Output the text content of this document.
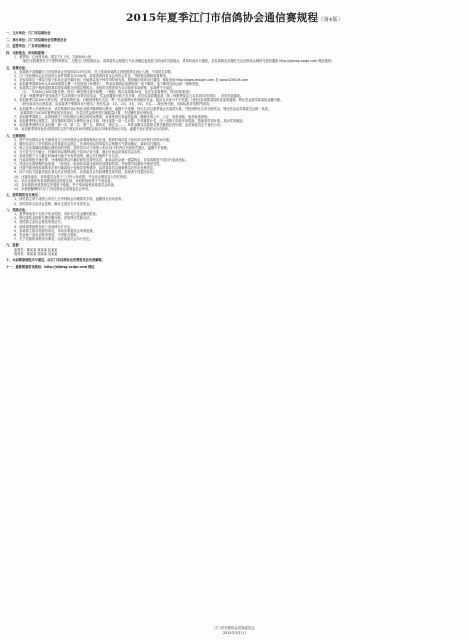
2015年夏季江门市信鸽协会通信赛规程（第4版）

一、主办单位：江门市信鸽协会

二、承办单位：江门市信鸽协会竞赛委员会

三、监管单位：广东省信鸽协会

四、司放地点、时间和距离：

1、夏季赛：江西省永新，暂定7月上旬，空距400公里

（如因飞鸽遇恶劣天气等特殊情况，上报江门市信鸽协会，竞赛委员会根据天气状况确定更改放飞时间或司放地点，具体时间另行通知，各参赛鸽友应随时关注信鸽协会网站与短信通知 http://jdjmsg.xxige.com 网站通知）

五、参赛办法：

1、参赛鸽子须佩戴江门市信鸽协会发放的2015年足环，在上笼前参赛鸽主须按照规定登记入册，不得冒名顶替。

2、江门市信鸽协会会员及符合条件的鸽友均可参赛，参赛者须持有本会有效会员证，并按规定缴纳参赛费用。

3、各参赛单位一律实行电子扣环记录归巢时间，归巢鸽以电子钟打印时间为准，报到截止时间另行通知，网址查询 http://www.jmxgxh.com 及 www.029019.com

4、参加夏季赛鸽500元/100羽的报名费（不包括电子环费用），每羽参赛鸽必须使用统一电子脚环，电子脚环由协会统一采购发放。

5、参赛鸽主须于集鸽前按要求将参赛鸽交到指定集鸽点，未按时交鸽者视为自动放弃参赛资格，参赛费不予退还。

（1）、凡500元/100羽报名费，每羽一律交纳比赛手续费，（例如：购买参赛鸽10羽，本次交参赛费用，每羽同时收取）

在某一场夏季赛中获得前若干名次的鸽子可获对应奖金，奖金设置按分段方式计算，详见奖项设置条款（第二场夏季赛及五名奖项另有安排），详见竞赛通知。

5、参加夏季1羽/100元特比赛，获得前特比赛，对照获得相关名次，每一名参赛鸽可获得相应奖金，超出名次部分不予奖励；凡特比参赛鸽须同时参加普通赛，特比奖金按实际收取金额分配。

（特比赛项为自愿参加，由参赛者于集鸽时自行报名）特比奖金：1名、2名、3名、4名、5名……按比例分配，具体标准详见附件说明。

6、参加夏季公开赛特比者，须在集鸽时登记特比羽数并缴纳特比费用，逾期不予受理。特比名次以夏季赛正式成绩为准，并按照特比名单分配奖金，特比奖金由竞赛委员会统一发放。

参赛鸽须于2015年夏季赛前完成登记，各名次奖金按有效归巢数量计算，不足额时按比例发放。

7、参加夏季赛鸽主，必须按照江门市信鸽协会规定的时间集鸽，参赛者须自觉接受监督，确保比赛公平、公正，如有违规，取消参赛资格。

8、参加夏季特比赛鸽主，须在集鸽时同时办理特比登记手续，特比赛按一羽一名计算，不得重复计奖，同一羽鸽子如获多项奖励，按最高奖项计算，其余奖项顺延。

9、本届夏季赛特比奖金设置：第一名、第二名、第三名、第四名、第五名……，具体金额以实际报名费总额按比例分配，由竞赛委员会于赛后公布。

10、参加夏季赛有登录成绩的鸽主须于规定时间内到指定地点办理成绩登记手续，逾期不登记者视为自动放弃。

六、比赛规则：

1、按中华信鸽协会有关规则及江门市信鸽协会竞赛规程执行比赛，报到时间以电子扣环或计时钟打印时间为准。

2、裁判员由江门市信鸽协会竞赛委员会指定，比赛时间由竞赛委员会根据天气情况确定，赛前另行通知。

3、鸽主在参赛期间须服从裁判员的安排，如有异议可于成绩公布后24小时内以书面形式提出，逾期不予受理。

4、当天放飞当天截止，归巢时间以鸽钟或电子扣环记录为准，截止时间由竞赛委员会宣布。

5、参赛信鸽于当天截止时间前归巢方为有效成绩，截止后归巢的不计名次。

6、比赛成绩按分速计算，分速相同者以归巢时间先后排列名次，距离由协会统一测量核定，各参赛鸽舍不得自行更改坐标。

7、对违反比赛规程的参赛者，一经查实，取消其本届比赛所有成绩和奖项，并视情节轻重给予相应处罚。

8、比赛中如发现参赛鸽非正常归巢或电子设备异常等情况，由竞赛委员会调查核实后作出处理决定。

9、因不可抗力因素导致比赛无法正常进行时，竞赛委员会有权调整比赛安排，参赛者不得提出异议。

10、比赛结束后，竞赛委员会将于三日内公布成绩，并在协会网站及公告栏张贴。

11、本次比赛所有参赛鸽须经过防疫注射，未经防疫的鸽子不得参赛。

12、各参赛鸽舍须按规定安装电子踏板，并于赛前接受竞赛委员会检查。

13、本规程解释权归江门市信鸽协会竞赛委员会所有。

七、获奖鸽的有关规定：

1、获奖鸽主须于成绩公布后七日内到协会办理领奖手续，逾期视为自动放弃。

2、获奖鸽须交由协会复核，确认无误后方可发放奖金。

八、奖励办法：

1、夏季赛前若干名给予奖金奖励，具体名次及金额见附表。

2、特比赛奖金按报名费总额分配，详见特比奖励办法。

3、获奖鸽主由协会颁发荣誉证书。

4、团体成绩按鸽舍前三羽成绩合计评定。

5、参赛鸽主如对奖励有异议，可向竞赛委员会申请复核。

6、奖金统一由协会财务发放，不得私自领取。

7、关于奖励的其他未尽事宜，由竞赛委员会另行决定。

九、监督：

监督员：陈某某 黄某某 赵某某

裁判员：林某某 周某某 吴某某

十、本届赛事规程未尽事宜，由江门市信鸽协会竞赛委员会负责解释。

十一、最新赛事资讯网站：http://jdjmsg.xxige.com 网址

江门市信鸽协会竞赛委员会
2015年3月1日
